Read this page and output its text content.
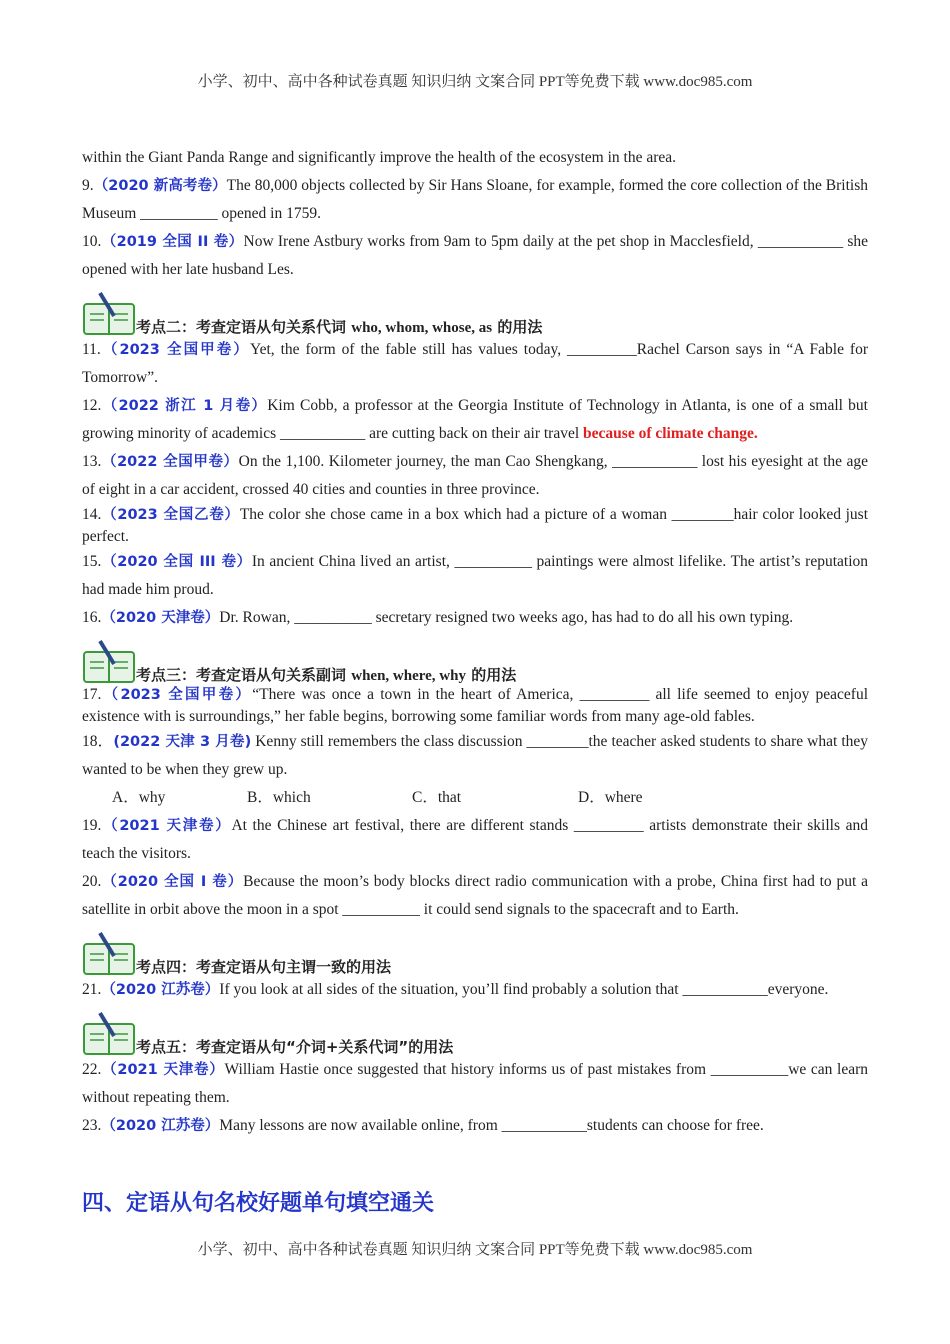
小学、初中、高中各种试卷真题 知识归纳 文案合同 PPT等免费下载 www.doc985.com

within the Giant Panda Range and significantly improve the health of the ecosystem in the area.

9.（2020 新高考卷）The 80,000 objects collected by Sir Hans Sloane, for example, formed the core collection of the British Museum __________ opened in 1759.

10.（2019 全国 II 卷）Now Irene Astbury works from 9am to 5pm daily at the pet shop in Macclesfield, ___________ she opened with her late husband Les.

考点二：考查定语从句关系代词 who, whom, whose, as 的用法

11.（2023 全国甲卷）Yet, the form of the fable still has values today, _________Rachel Carson says in “A Fable for Tomorrow”.

12.（2022 浙江 1 月卷）Kim Cobb, a professor at the Georgia Institute of Technology in Atlanta, is one of a small but growing minority of academics ___________ are cutting back on their air travel because of climate change.

13.（2022 全国甲卷）On the 1,100. Kilometer journey, the man Cao Shengkang, ___________ lost his eyesight at the age of eight in a car accident, crossed 40 cities and counties in three province.

14.（2023 全国乙卷）The color she chose came in a box which had a picture of a woman ________hair color looked just perfect.

15.（2020 全国 III 卷）In ancient China lived an artist, __________ paintings were almost lifelike. The artist’s reputation had made him proud.

16.（2020 天津卷）Dr. Rowan, __________ secretary resigned two weeks ago, has had to do all his own typing.

考点三：考查定语从句关系副词 when, where, why 的用法

17.（2023 全国甲卷）“There was once a town in the heart of America, _________ all life seemed to enjoy peaceful existence with is surroundings,” her fable begins, borrowing some familiar words from many age-old fables.

18．(2022 天津 3 月卷) Kenny still remembers the class discussion ________the teacher asked students to share what they wanted to be when they grew up.

A．why	B．which	C．that	D．where

19.（2021 天津卷）At the Chinese art festival, there are different stands _________ artists demonstrate their skills and teach the visitors.

20.（2020 全国 I 卷）Because the moon’s body blocks direct radio communication with a probe, China first had to put a satellite in orbit above the moon in a spot __________ it could send signals to the spacecraft and to Earth.

考点四：考查定语从句主谓一致的用法

21.（2020 江苏卷）If you look at all sides of the situation, you’ll find probably a solution that ___________everyone.

考点五：考查定语从句“介词+关系代词”的用法

22.（2021 天津卷）William Hastie once suggested that history informs us of past mistakes from __________we can learn without repeating them.

23.（2020 江苏卷）Many lessons are now available online, from ___________students can choose for free.

四、定语从句名校好题单句填空通关
小学、初中、高中各种试卷真题 知识归纳 文案合同 PPT等免费下载 www.doc985.com
